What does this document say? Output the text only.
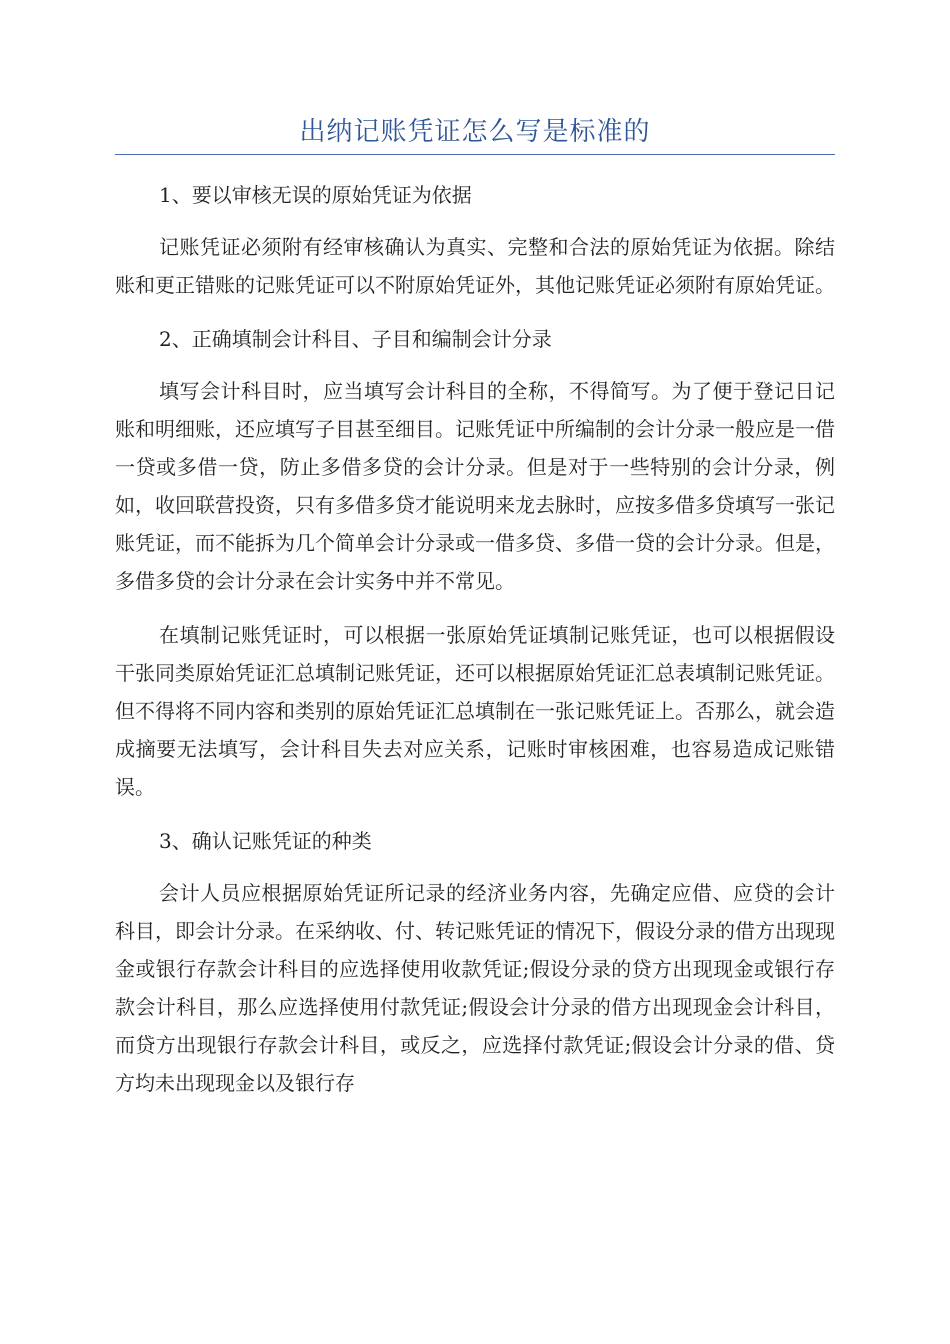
出纳记账凭证怎么写是标准的

1、要以审核无误的原始凭证为依据

记账凭证必须附有经审核确认为真实、完整和合法的原始凭证为依据。除结账和更正错账的记账凭证可以不附原始凭证外，其他记账凭证必须附有原始凭证。

2、正确填制会计科目、子目和编制会计分录

填写会计科目时，应当填写会计科目的全称，不得简写。为了便于登记日记账和明细账，还应填写子目甚至细目。记账凭证中所编制的会计分录一般应是一借一贷或多借一贷，防止多借多贷的会计分录。但是对于一些特别的会计分录，例如，收回联营投资，只有多借多贷才能说明来龙去脉时，应按多借多贷填写一张记账凭证，而不能拆为几个简单会计分录或一借多贷、多借一贷的会计分录。但是，多借多贷的会计分录在会计实务中并不常见。

在填制记账凭证时，可以根据一张原始凭证填制记账凭证，也可以根据假设干张同类原始凭证汇总填制记账凭证，还可以根据原始凭证汇总表填制记账凭证。但不得将不同内容和类别的原始凭证汇总填制在一张记账凭证上。否那么，就会造成摘要无法填写，会计科目失去对应关系，记账时审核困难，也容易造成记账错误。

3、确认记账凭证的种类

会计人员应根据原始凭证所记录的经济业务内容，先确定应借、应贷的会计科目，即会计分录。在采纳收、付、转记账凭证的情况下，假设分录的借方出现现金或银行存款会计科目的应选择使用收款凭证;假设分录的贷方出现现金或银行存款会计科目，那么应选择使用付款凭证;假设会计分录的借方出现现金会计科目，而贷方出现银行存款会计科目，或反之，应选择付款凭证;假设会计分录的借、贷方均未出现现金以及银行存
